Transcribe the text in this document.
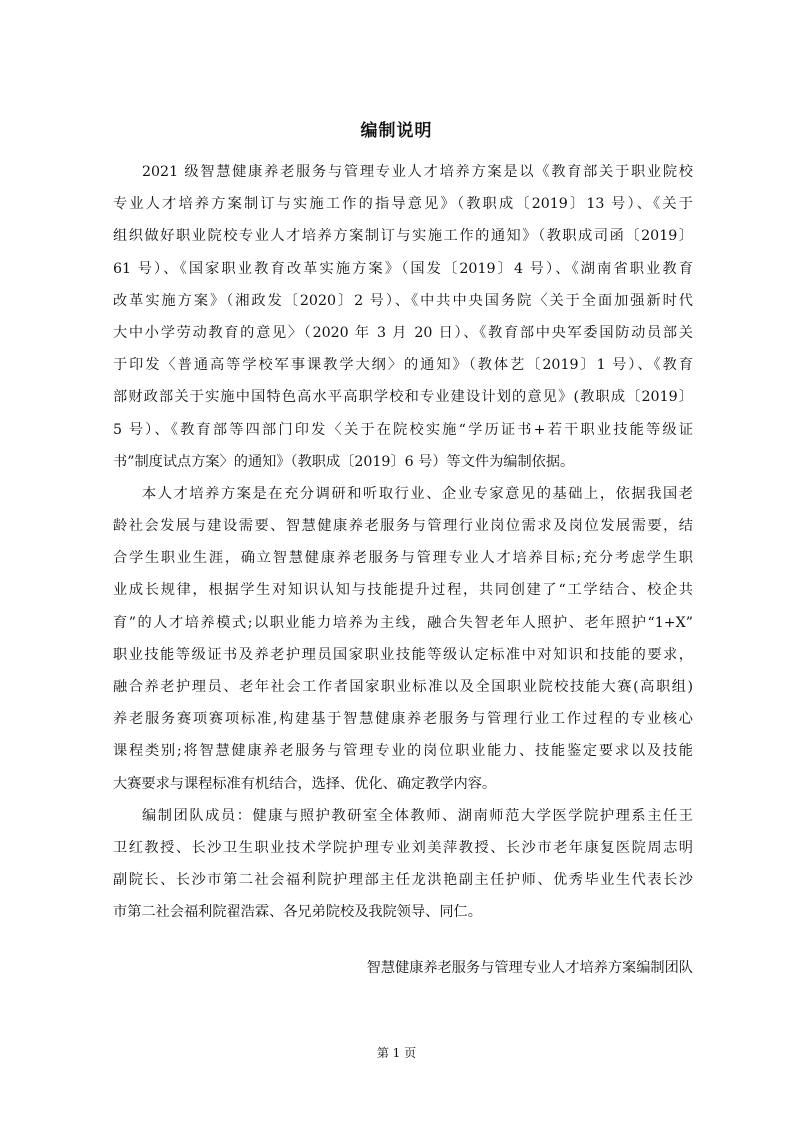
编制说明
2021 级智慧健康养老服务与管理专业人才培养方案是以《教育部关于职业院校
专业人才培养方案制订与实施工作的指导意见》（教职成〔2019〕13 号）、《关于
组织做好职业院校专业人才培养方案制订与实施工作的通知》（教职成司函〔2019〕
61 号）、《国家职业教育改革实施方案》（国发〔2019〕4 号）、《湖南省职业教育
改革实施方案》（湘政发〔2020〕2 号）、《中共中央国务院〈关于全面加强新时代
大中小学劳动教育的意见〉（2020 年 3 月 20 日）、《教育部中央军委国防动员部关
于印发〈普通高等学校军事课教学大纲〉的通知》（教体艺〔2019〕1 号）、《教育
部财政部关于实施中国特色高水平高职学校和专业建设计划的意见》(教职成〔2019〕
5 号）、《教育部等四部门印发〈关于在院校实施“学历证书+若干职业技能等级证
书”制度试点方案〉的通知》（教职成〔2019〕6 号）等文件为编制依据。
本人才培养方案是在充分调研和听取行业、企业专家意见的基础上，依据我国老
龄社会发展与建设需要、智慧健康养老服务与管理行业岗位需求及岗位发展需要，结
合学生职业生涯，确立智慧健康养老服务与管理专业人才培养目标;充分考虑学生职
业成长规律，根据学生对知识认知与技能提升过程，共同创建了“工学结合、校企共
育”的人才培养模式;以职业能力培养为主线，融合失智老年人照护、老年照护“1+X”
职业技能等级证书及养老护理员国家职业技能等级认定标准中对知识和技能的要求，
融合养老护理员、老年社会工作者国家职业标准以及全国职业院校技能大赛(高职组)
养老服务赛项赛项标准,构建基于智慧健康养老服务与管理行业工作过程的专业核心
课程类别;将智慧健康养老服务与管理专业的岗位职业能力、技能鉴定要求以及技能
大赛要求与课程标准有机结合，选择、优化、确定教学内容。
编制团队成员：健康与照护教研室全体教师、湖南师范大学医学院护理系主任王
卫红教授、长沙卫生职业技术学院护理专业刘美萍教授、长沙市老年康复医院周志明
副院长、长沙市第二社会福利院护理部主任龙洪艳副主任护师、优秀毕业生代表长沙
市第二社会福利院翟浩霖、各兄弟院校及我院领导、同仁。
智慧健康养老服务与管理专业人才培养方案编制团队
第 1 页
